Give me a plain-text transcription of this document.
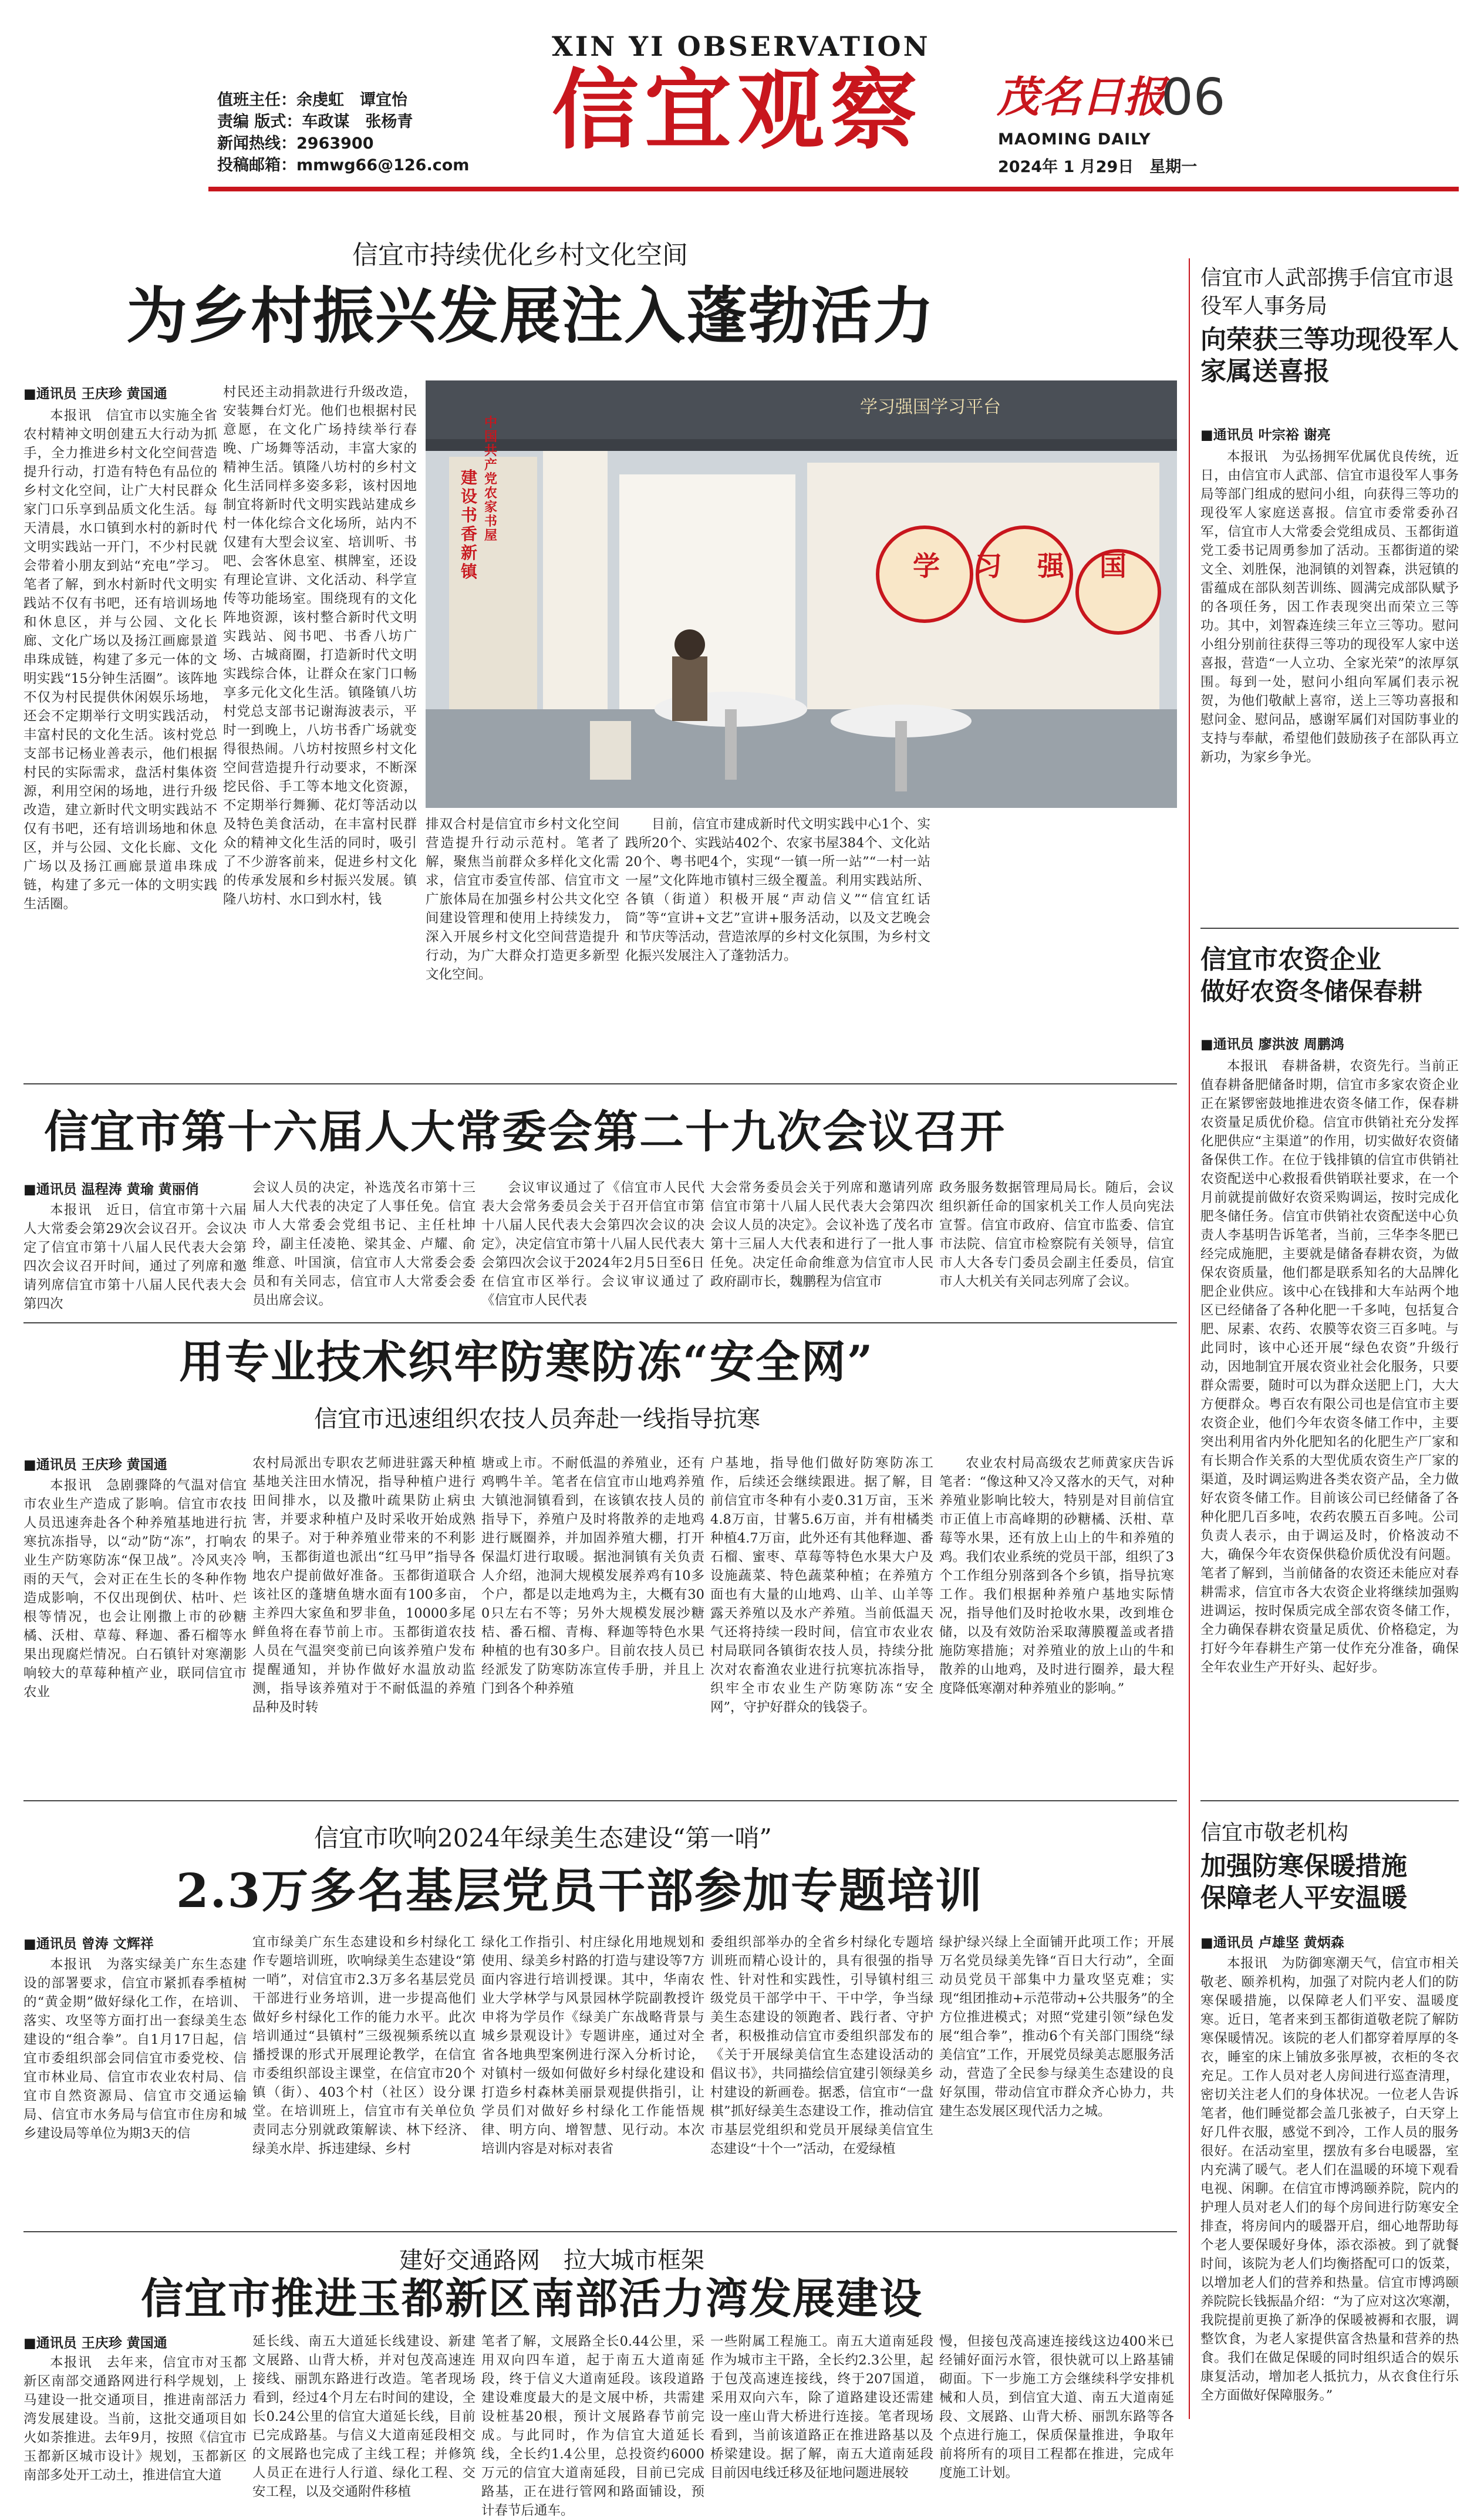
XIN YI OBSERVATION
值班主任：余虔虹　谭宜怡
责编 版式：车政谋　张杨青
新闻热线：2963900
投稿邮箱：mmwg66@126.com
信宜观察 茂名日报
06
MAOMING DAILY
2024年 1 月29日　星期一
信宜市持续优化乡村文化空间
为乡村振兴发展注入蓬勃活力
■通讯员 王庆珍 黄国通

本报讯　信宜市以实施全省农村精神文明创建五大行动为抓手，全力推进乡村文化空间营造提升行动，打造有特色有品位的乡村文化空间，让广大村民群众家门口乐享到品质文化生活。每天清晨，水口镇到水村的新时代文明实践站一开门，不少村民就会带着小朋友到站“充电”学习。笔者了解，到水村新时代文明实践站不仅有书吧，还有培训场地和休息区，并与公园、文化长廊、文化广场以及扬江画廊景道串珠成链，构建了多元一体的文明实践“15分钟生活圈”。该阵地不仅为村民提供休闲娱乐场地，还会不定期举行文明实践活动，丰富村民的文化生活。该村党总支部书记杨业善表示，他们根据村民的实际需求，盘活村集体资源，利用空闲的场地，进行升级改造，建立新时代文明实践站不仅有书吧，还有培训场地和休息区，并与公园、文化长廊、文化广场以及扬江画廊景道串珠成链，构建了多元一体的文明实践生活圈。

村民还主动捐款进行升级改造，安装舞台灯光。他们也根据村民意愿，在文化广场持续举行春晚、广场舞等活动，丰富大家的精神生活。镇隆八坊村的乡村文化生活同样多姿多彩，该村因地制宜将新时代文明实践站建成乡村一体化综合文化场所，站内不仅建有大型会议室、培训听、书吧、会客休息室、棋牌室，还设有理论宣讲、文化活动、科学宣传等功能场室。围绕现有的文化阵地资源，该村整合新时代文明实践站、阅书吧、书香八坊广场、古城商圈，打造新时代文明实践综合体，让群众在家门口畅享多元化文化生活。镇隆镇八坊村党总支部书记谢海波表示，平时一到晚上，八坊书香广场就变得很热闹。八坊村按照乡村文化空间营造提升行动要求，不断深挖民俗、手工等本地文化资源，不定期举行舞狮、花灯等活动以及特色美食活动，在丰富村民群众的精神文化生活的同时，吸引了不少游客前来，促进乡村文化的传承发展和乡村振兴发展。镇隆八坊村、水口到水村，钱

中国共产党农家书屋
建设书香新镇	学习强国
学习强国学习平台

排双合村是信宜市乡村文化空间营造提升行动示范村。笔者了解，聚焦当前群众多样化文化需求，信宜市委宣传部、信宜市文广旅体局在加强乡村公共文化空间建设管理和使用上持续发力，深入开展乡村文化空间营造提升行动，为广大群众打造更多新型文化空间。

目前，信宜市建成新时代文明实践中心1个、实践所20个、实践站402个、农家书屋384个、文化站20个、粤书吧4个，实现“一镇一所一站”“一村一站一屋”文化阵地市镇村三级全覆盖。利用实践站所、各镇（街道）积极开展“声动信义”“信宜红话筒”等“宣讲+文艺”宣讲+服务活动，以及文艺晚会和节庆等活动，营造浓厚的乡村文化氛围，为乡村文化振兴发展注入了蓬勃活力。

信宜市第十六届人大常委会第二十九次会议召开
■通讯员 温程涛 黄瑜 黄丽俏

本报讯　近日，信宜市第十六届人大常委会第29次会议召开。会议决定了信宜市第十八届人民代表大会第四次会议召开时间，通过了列席和邀请列席信宜市第十八届人民代表大会第四次

会议人员的决定，补选茂名市第十三届人大代表的决定了人事任免。信宜市人大常委会党组书记、主任杜坤玲，副主任凌艳、梁其金、卢耀、俞维意、叶国演，信宜市人大常委会委员和有关同志，信宜市人大常委会委员出席会议。

会议审议通过了《信宜市人民代表大会常务委员会关于召开信宜市第十八届人民代表大会第四次会议的决定》，决定信宜市第十八届人民代表大会第四次会议于2024年2月5日至6日在信宜市区举行。会议审议通过了《信宜市人民代表

大会常务委员会关于列席和邀请列席信宜市第十八届人民代表大会第四次会议人员的决定》。会议补选了茂名市第十三届人大代表和进行了一批人事任免。决定任命俞维意为信宜市人民政府副市长，魏鹏程为信宜市

政务服务数据管理局局长。随后，会议组织新任命的国家机关工作人员向宪法宣誓。信宜市政府、信宜市监委、信宜市法院、信宜市检察院有关领导，信宜市人大各专门委员会副主任委员，信宜市人大机关有关同志列席了会议。

用专业技术织牢防寒防冻“安全网”
信宜市迅速组织农技人员奔赴一线指导抗寒
■通讯员 王庆珍 黄国通

本报讯　急剧骤降的气温对信宜市农业生产造成了影响。信宜市农技人员迅速奔赴各个种养殖基地进行抗寒抗冻指导，以“动”防“冻”，打响农业生产防寒防冻“保卫战”。冷风夹冷雨的天气，会对正在生长的冬种作物造成影响，不仅出现倒伏、枯叶、烂根等情况，也会让刚撒上市的砂糖橘、沃柑、草莓、释迦、番石榴等水果出现腐烂情况。白石镇针对寒潮影响较大的草莓种植产业，联同信宜市农业

农村局派出专职农艺师进驻露天种植基地关注田水情况，指导种植户进行田间排水，以及撒叶疏果防止病虫害，并要求种植户及时采收开始成熟的果子。对于种养殖业带来的不利影响，玉都街道也派出“红马甲”指导各地农户提前做好准备。玉都街道联合该社区的蓬塘鱼塘水面有100多亩，主养四大家鱼和罗非鱼，10000多尾鲜鱼将在春节前上市。玉都街道农技人员在气温突变前已向该养殖户发布提醒通知，并协作做好水温放动监测，指导该养殖对于不耐低温的养殖品种及时转

塘或上市。不耐低温的养殖业，还有鸡鸭牛羊。笔者在信宜市山地鸡养殖大镇池洞镇看到，在该镇农技人员的指导下，养殖户及时将散养的走地鸡进行厩圈养，并加固养殖大棚，打开保温灯进行取暖。据池洞镇有关负责人介绍，池洞大规模发展养鸡有10多个户，都是以走地鸡为主，大概有300只左右不等；另外大规模发展沙糖桔、番石榴、青梅、释迦等特色水果种植的也有30多户。目前农技人员已经派发了防寒防冻宣传手册，并且上门到各个种养殖

户基地，指导他们做好防寒防冻工作，后续还会继续跟进。据了解，目前信宜市冬种有小麦0.31万亩，玉米4.8万亩，甘薯5.6万亩，并有柑橘类种植4.7万亩，此外还有其他释迦、番石榴、蜜枣、草莓等特色水果大户及设施蔬菜、特色蔬菜种植；在养殖方面也有大量的山地鸡、山羊、山羊等露天养殖以及水产养殖。当前低温天气还将持续一段时间，信宜市农业农村局联同各镇街农技人员，持续分批次对农畜渔农业进行抗寒抗冻指导，织牢全市农业生产防寒防冻“安全网”，守护好群众的钱袋子。

农业农村局高级农艺师黄家庆告诉笔者：“像这种又冷又落水的天气，对种养殖业影响比较大，特别是对目前信宜市正值上市高峰期的砂糖橘、沃柑、草莓等水果，还有放上山上的牛和养殖的鸡。我们农业系统的党员干部，组织了3个工作组分别落到各个乡镇，指导抗寒工作。我们根据种养殖户基地实际情况，指导他们及时抢收水果，改到堆仓储，以及有效防治采取薄膜覆盖或者措施防寒措施；对养殖业的放上山的牛和散养的山地鸡，及时进行圈养，最大程度降低寒潮对种养殖业的影响。”

信宜市吹响2024年绿美生态建设“第一哨”
2.3万多名基层党员干部参加专题培训
■通讯员 曾涛 文辉祥

本报讯　为落实绿美广东生态建设的部署要求，信宜市紧抓春季植树的“黄金期”做好绿化工作，在培训、落实、攻坚等方面打出一套绿美生态建设的“组合拳”。自1月17日起，信宜市委组织部会同信宜市委党校、信宜市林业局、信宜市农业农村局、信宜市自然资源局、信宜市交通运输局、信宜市水务局与信宜市住房和城乡建设局等单位为期3天的信

宜市绿美广东生态建设和乡村绿化工作专题培训班，吹响绿美生态建设“第一哨”，对信宜市2.3万多名基层党员干部进行业务培训，进一步提高他们做好乡村绿化工作的能力水平。此次培训通过“县镇村”三级视频系统以直播授课的形式开展理论教学，在信宜市委组织部设主课堂，在信宜市20个镇（街）、403个村（社区）设分课堂。在培训班上，信宜市有关单位负责同志分别就政策解读、林下经济、绿美水岸、拆违建绿、乡村

绿化工作指引、村庄绿化用地规划和使用、绿美乡村路的打造与建设等7方面内容进行培训授课。其中，华南农业大学林学与风景园林学院副教授许申将为学员作《绿美广东战略背景与城乡景观设计》专题讲座，通过对全省各地典型案例进行深入分析讨论，对镇村一级如何做好乡村绿化建设和打造乡村森林美丽景观提供指引，让学员们对做好乡村绿化工作能悟规律、明方向、增智慧、见行动。本次培训内容是对标对表省

委组织部举办的全省乡村绿化专题培训班而精心设计的，具有很强的指导性、针对性和实践性，引导镇村组三级党员干部学中干、干中学，争当绿美生态建设的领跑者、践行者、守护者，积极推动信宜市委组织部发布的《关于开展绿美信宜生态建设活动的倡议书》，共同描绘信宜建引领绿美乡村建设的新画卷。据悉，信宜市“一盘棋”抓好绿美生态建设工作，推动信宜市基层党组织和党员开展绿美信宜生态建设“十个一”活动，在爱绿植

绿护绿兴绿上全面铺开此项工作；开展万名党员绿美先锋“百日大行动”，全面动员党员干部集中力量攻坚克难；实现“组团推动+示范带动+公共服务”的全方位推进模式；对照“党建引领”绿色发展“组合拳”，推动6个有关部门围绕“绿美信宜”工作，开展党员绿美志愿服务活动，营造了全民参与绿美生态建设的良好氛围，带动信宜市群众齐心协力，共建生态发展区现代活力之城。

建好交通路网　拉大城市框架
信宜市推进玉都新区南部活力湾发展建设
■通讯员 王庆珍 黄国通

本报讯　去年来，信宜市对玉都新区南部交通路网进行科学规划，上马建设一批交通项目，推进南部活力湾发展建设。当前，这批交通项目如火如荼推进。去年9月，按照《信宜市玉都新区城市设计》规划，玉都新区南部多处开工动土，推进信宜大道

延长线、南五大道延长线建设、新建文展路、山背大桥，并对包茂高速连接线、丽凯东路进行改造。笔者现场看到，经过4个月左右时间的建设，全长0.24公里的信宜大道延长线，目前已完成路基。与信义大道南延段相交的文展路也完成了主线工程；并修筑人员正在进行人行道、绿化工程、交安工程，以及交通附件移植

笔者了解，文展路全长0.44公里，采用双向四车道，起于南五大道南延段，终于信义大道南延段。该段道路建设难度最大的是文展中桥，共需建设桩基20根，预计文展路春节前完成。与此同时，作为信宜大道延长线，全长约1.4公里，总投资约6000万元的信宜大道南延段，目前已完成路基，正在进行管网和路面铺设，预计春节后通车。

一些附属工程施工。南五大道南延段作为城市主干路，全长约2.3公里，起于包茂高速连接线，终于207国道，采用双向六车，除了道路建设还需建设一座山背大桥进行连接。笔者现场看到，当前该道路正在推进路基以及桥梁建设。据了解，南五大道南延段目前因电线迁移及征地问题进展较

慢，但接包茂高速连接线这边400米已经铺好面污水管，很快就可以上路基铺砌面。下一步施工方会继续科学安排机械和人员，到信宜大道、南五大道南延段、文展路、山背大桥、丽凯东路等各个点进行施工，保质保量推进，争取年前将所有的项目工程都在推进，完成年度施工计划。

信宜市人武部携手信宜市退役军人事务局
向荣获三等功现役军人家属送喜报
■通讯员 叶宗裕 谢亮

本报讯　为弘扬拥军优属优良传统，近日，由信宜市人武部、信宜市退役军人事务局等部门组成的慰问小组，向获得三等功的现役军人家庭送喜报。信宜市委常委孙召军，信宜市人大常委会党组成员、玉都街道党工委书记周勇参加了活动。玉都街道的梁文全、刘胜保，池洞镇的刘智森，洪冠镇的雷蕴成在部队刻苦训练、圆满完成部队赋予的各项任务，因工作表现突出而荣立三等功。其中，刘智森连续三年立三等功。慰问小组分别前往获得三等功的现役军人家中送喜报，营造“一人立功、全家光荣”的浓厚氛围。每到一处，慰问小组向军属们表示祝贺，为他们敬献上喜帘，送上三等功喜报和慰问金、慰问品，感谢军属们对国防事业的支持与奉献，希望他们鼓励孩子在部队再立新功，为家乡争光。

信宜市农资企业
做好农资冬储保春耕
■通讯员 廖洪波 周鹏鸿

本报讯　春耕备耕，农资先行。当前正值春耕备肥储备时期，信宜市多家农资企业正在紧锣密鼓地推进农资冬储工作，保春耕农资量足质优价稳。信宜市供销社充分发挥化肥供应“主渠道”的作用，切实做好农资储备保供工作。在位于钱排镇的信宜市供销社农资配送中心救报看供销联社要求，在一个月前就提前做好农资采购调运，按时完成化肥冬储任务。信宜市供销社农资配送中心负责人李基明告诉笔者，当前，三华李冬肥已经完成施肥，主要就是储备春耕农资，为做保农资质量，他们都是联系知名的大品牌化肥企业供应。该中心在钱排和大车站两个地区已经储备了各种化肥一千多吨，包括复合肥、尿素、农药、农膜等农资三百多吨。与此同时，该中心还开展“绿色农资”升级行动，因地制宜开展农资业社会化服务，只要群众需要，随时可以为群众送肥上门，大大方便群众。粤百农有限公司也是信宜市主要农资企业，他们今年农资冬储工作中，主要突出利用省内外化肥知名的化肥生产厂家和有长期合作关系的大型优质农资生产厂家的渠道，及时调运购进各类农资产品，全力做好农资冬储工作。目前该公司已经储备了各种化肥几百多吨，农药农膜五百多吨。公司负责人表示，由于调运及时，价格波动不大，确保今年农资保供稳价质优没有问题。笔者了解到，当前储备的农资还未能应对春耕需求，信宜市各大农资企业将继续加强购进调运，按时保质完成全部农资冬储工作，全力确保春耕农资量足质优、价格稳定，为打好今年春耕生产第一仗作充分准备，确保全年农业生产开好头、起好步。

信宜市敬老机构
加强防寒保暖措施
保障老人平安温暖
■通讯员 卢雄坚 黄炳森

本报讯　为防御寒潮天气，信宜市相关敬老、颐养机构，加强了对院内老人们的防寒保暖措施，以保障老人们平安、温暖度寒。近日，笔者来到玉都街道敬老院了解防寒保暖情况。该院的老人们都穿着厚厚的冬衣，睡室的床上铺放多张厚被，衣柜的冬衣充足。工作人员对老人房间进行巡查清理，密切关注老人们的身体状况。一位老人告诉笔者，他们睡觉都会盖几张被子，白天穿上好几件衣服，感觉不到冷，工作人员的服务很好。在活动室里，摆放有多台电暖器，室内充满了暖气。老人们在温暖的环境下观看电视、闲聊。在信宜市博鸿颐养院，院内的护理人员对老人们的每个房间进行防寒安全排查，将房间内的暖器开启，细心地帮助每个老人要保暖好身体，添衣添被。到了就餐时间，该院为老人们均衡搭配可口的饭菜，以增加老人们的营养和热量。信宜市博鸿颐养院院长钱振晶介绍：“为了应对这次寒潮，我院提前更换了新净的保暖被褥和衣服，调整饮食，为老人家提供富含热量和营养的热食。我们在做足保暖的同时组织适合的娱乐康复活动，增加老人抵抗力，从衣食住行乐全方面做好保障服务。”
